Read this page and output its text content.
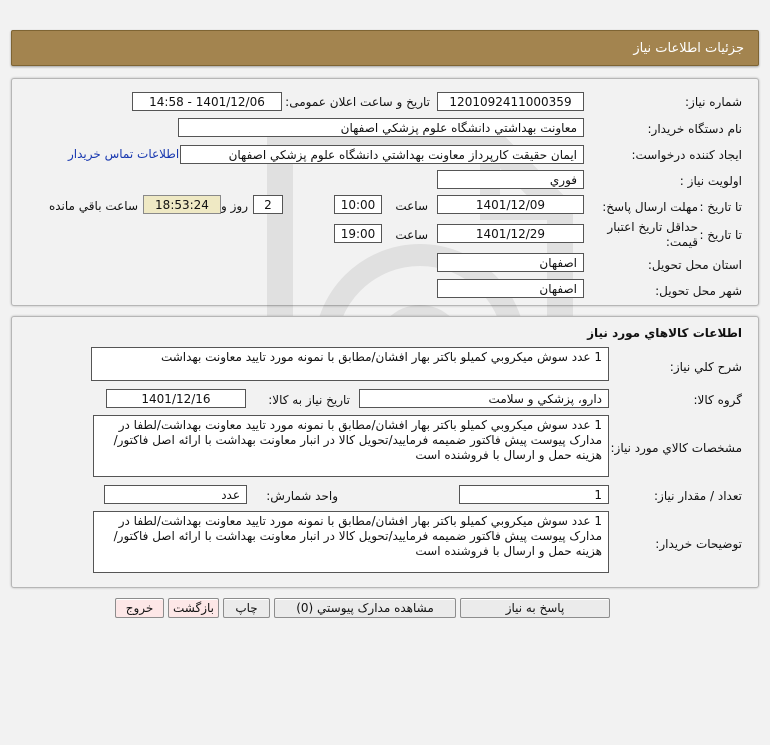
جزئيات اطلاعات نياز
شماره نياز:
1201092411000359
تاريخ و ساعت اعلان عمومی:
1401/12/06 - 14:58
نام دستگاه خريدار:
معاونت بهداشتي دانشگاه علوم پزشكي اصفهان
ايجاد کننده درخواست:
ايمان حقيقت كارپرداز معاونت بهداشتي دانشگاه علوم پزشكي اصفهان
اطلاعات تماس خريدار
اولويت نياز :
فوري
مهلت ارسال پاسخ: تا تاريخ :
1401/12/09
ساعت
10:00
2
روز و
18:53:24
ساعت باقي مانده
حداقل تاريخ اعتبار
قيمت: تا تاريخ :
1401/12/29
ساعت
19:00
استان محل تحويل:
اصفهان
شهر محل تحويل:
اصفهان
اطلاعات کالاهاي مورد نياز
شرح کلي نياز:
1 عدد سوش ميكروبي كميلو باكتر بهار افشان/مطابق با نمونه مورد تاييد معاونت بهداشت
گروه کالا:
دارو، پزشكي و سلامت
تاريخ نياز به کالا:
1401/12/16
مشخصات کالاي مورد نياز:
1 عدد سوش ميكروبي كميلو باكتر بهار افشان/مطابق با نمونه مورد تاييد معاونت بهداشت/لطفا در مدارک پيوست پيش فاكتور ضميمه فرماييد/تحويل كالا در انبار معاونت بهداشت با ارائه اصل فاكتور/هزينه حمل و ارسال با فروشنده است
تعداد / مقدار نياز:
1
واحد شمارش:
عدد
توضيحات خريدار:
1 عدد سوش ميكروبي كميلو باكتر بهار افشان/مطابق با نمونه مورد تاييد معاونت بهداشت/لطفا در مدارک پيوست پيش فاكتور ضميمه فرماييد/تحويل كالا در انبار معاونت بهداشت با ارائه اصل فاكتور/هزينه حمل و ارسال با فروشنده است
پاسخ به نياز
مشاهده مدارک پيوستي (0)
چاپ
بازگشت
خروج
